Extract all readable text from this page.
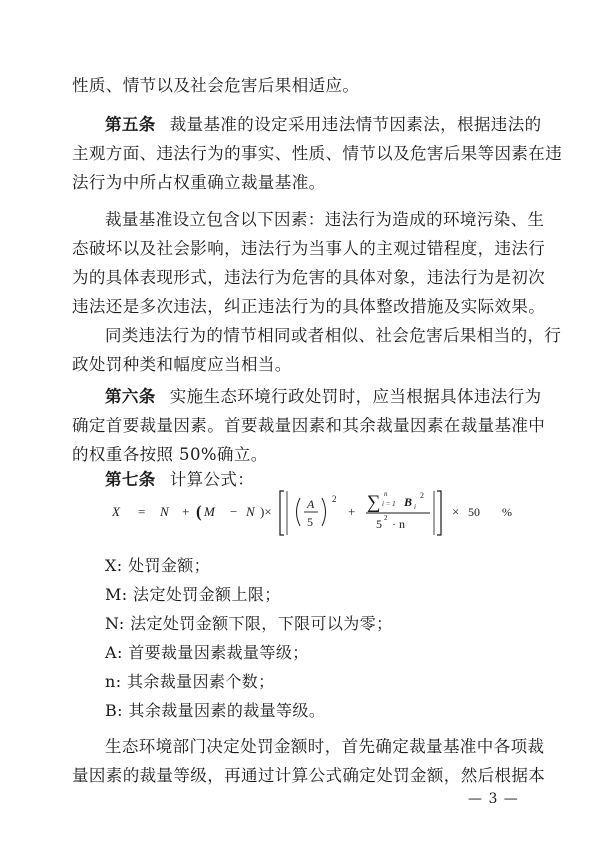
性质、情节以及社会危害后果相适应。
第五条 裁量基准的设定采用违法情节因素法，根据违法的
主观方面、违法行为的事实、性质、情节以及危害后果等因素在违
法行为中所占权重确立裁量基准。
裁量基准设立包含以下因素：违法行为造成的环境污染、生
态破坏以及社会影响，违法行为当事人的主观过错程度，违法行
为的具体表现形式，违法行为危害的具体对象，违法行为是初次
违法还是多次违法，纠正违法行为的具体整改措施及实际效果。
同类违法行为的情节相同或者相似、社会危害后果相当的，行
政处罚种类和幅度应当相当。
第六条 实施生态环境行政处罚时，应当根据具体违法行为
确定首要裁量因素。首要裁量因素和其余裁量因素在裁量基准中
的权重各按照 50%确立。
第七条 计算公式：
X = N + ( M − N )×	A
5
2
+ ∑ n
i = 1 B i
2
5 2 · n
× 50 %
X: 处罚金额；
M: 法定处罚金额上限；
N: 法定处罚金额下限，下限可以为零；
A: 首要裁量因素裁量等级；
n: 其余裁量因素个数；
B: 其余裁量因素的裁量等级。
生态环境部门决定处罚金额时，首先确定裁量基准中各项裁
量因素的裁量等级，再通过计算公式确定处罚金额，然后根据本
— 3 —
